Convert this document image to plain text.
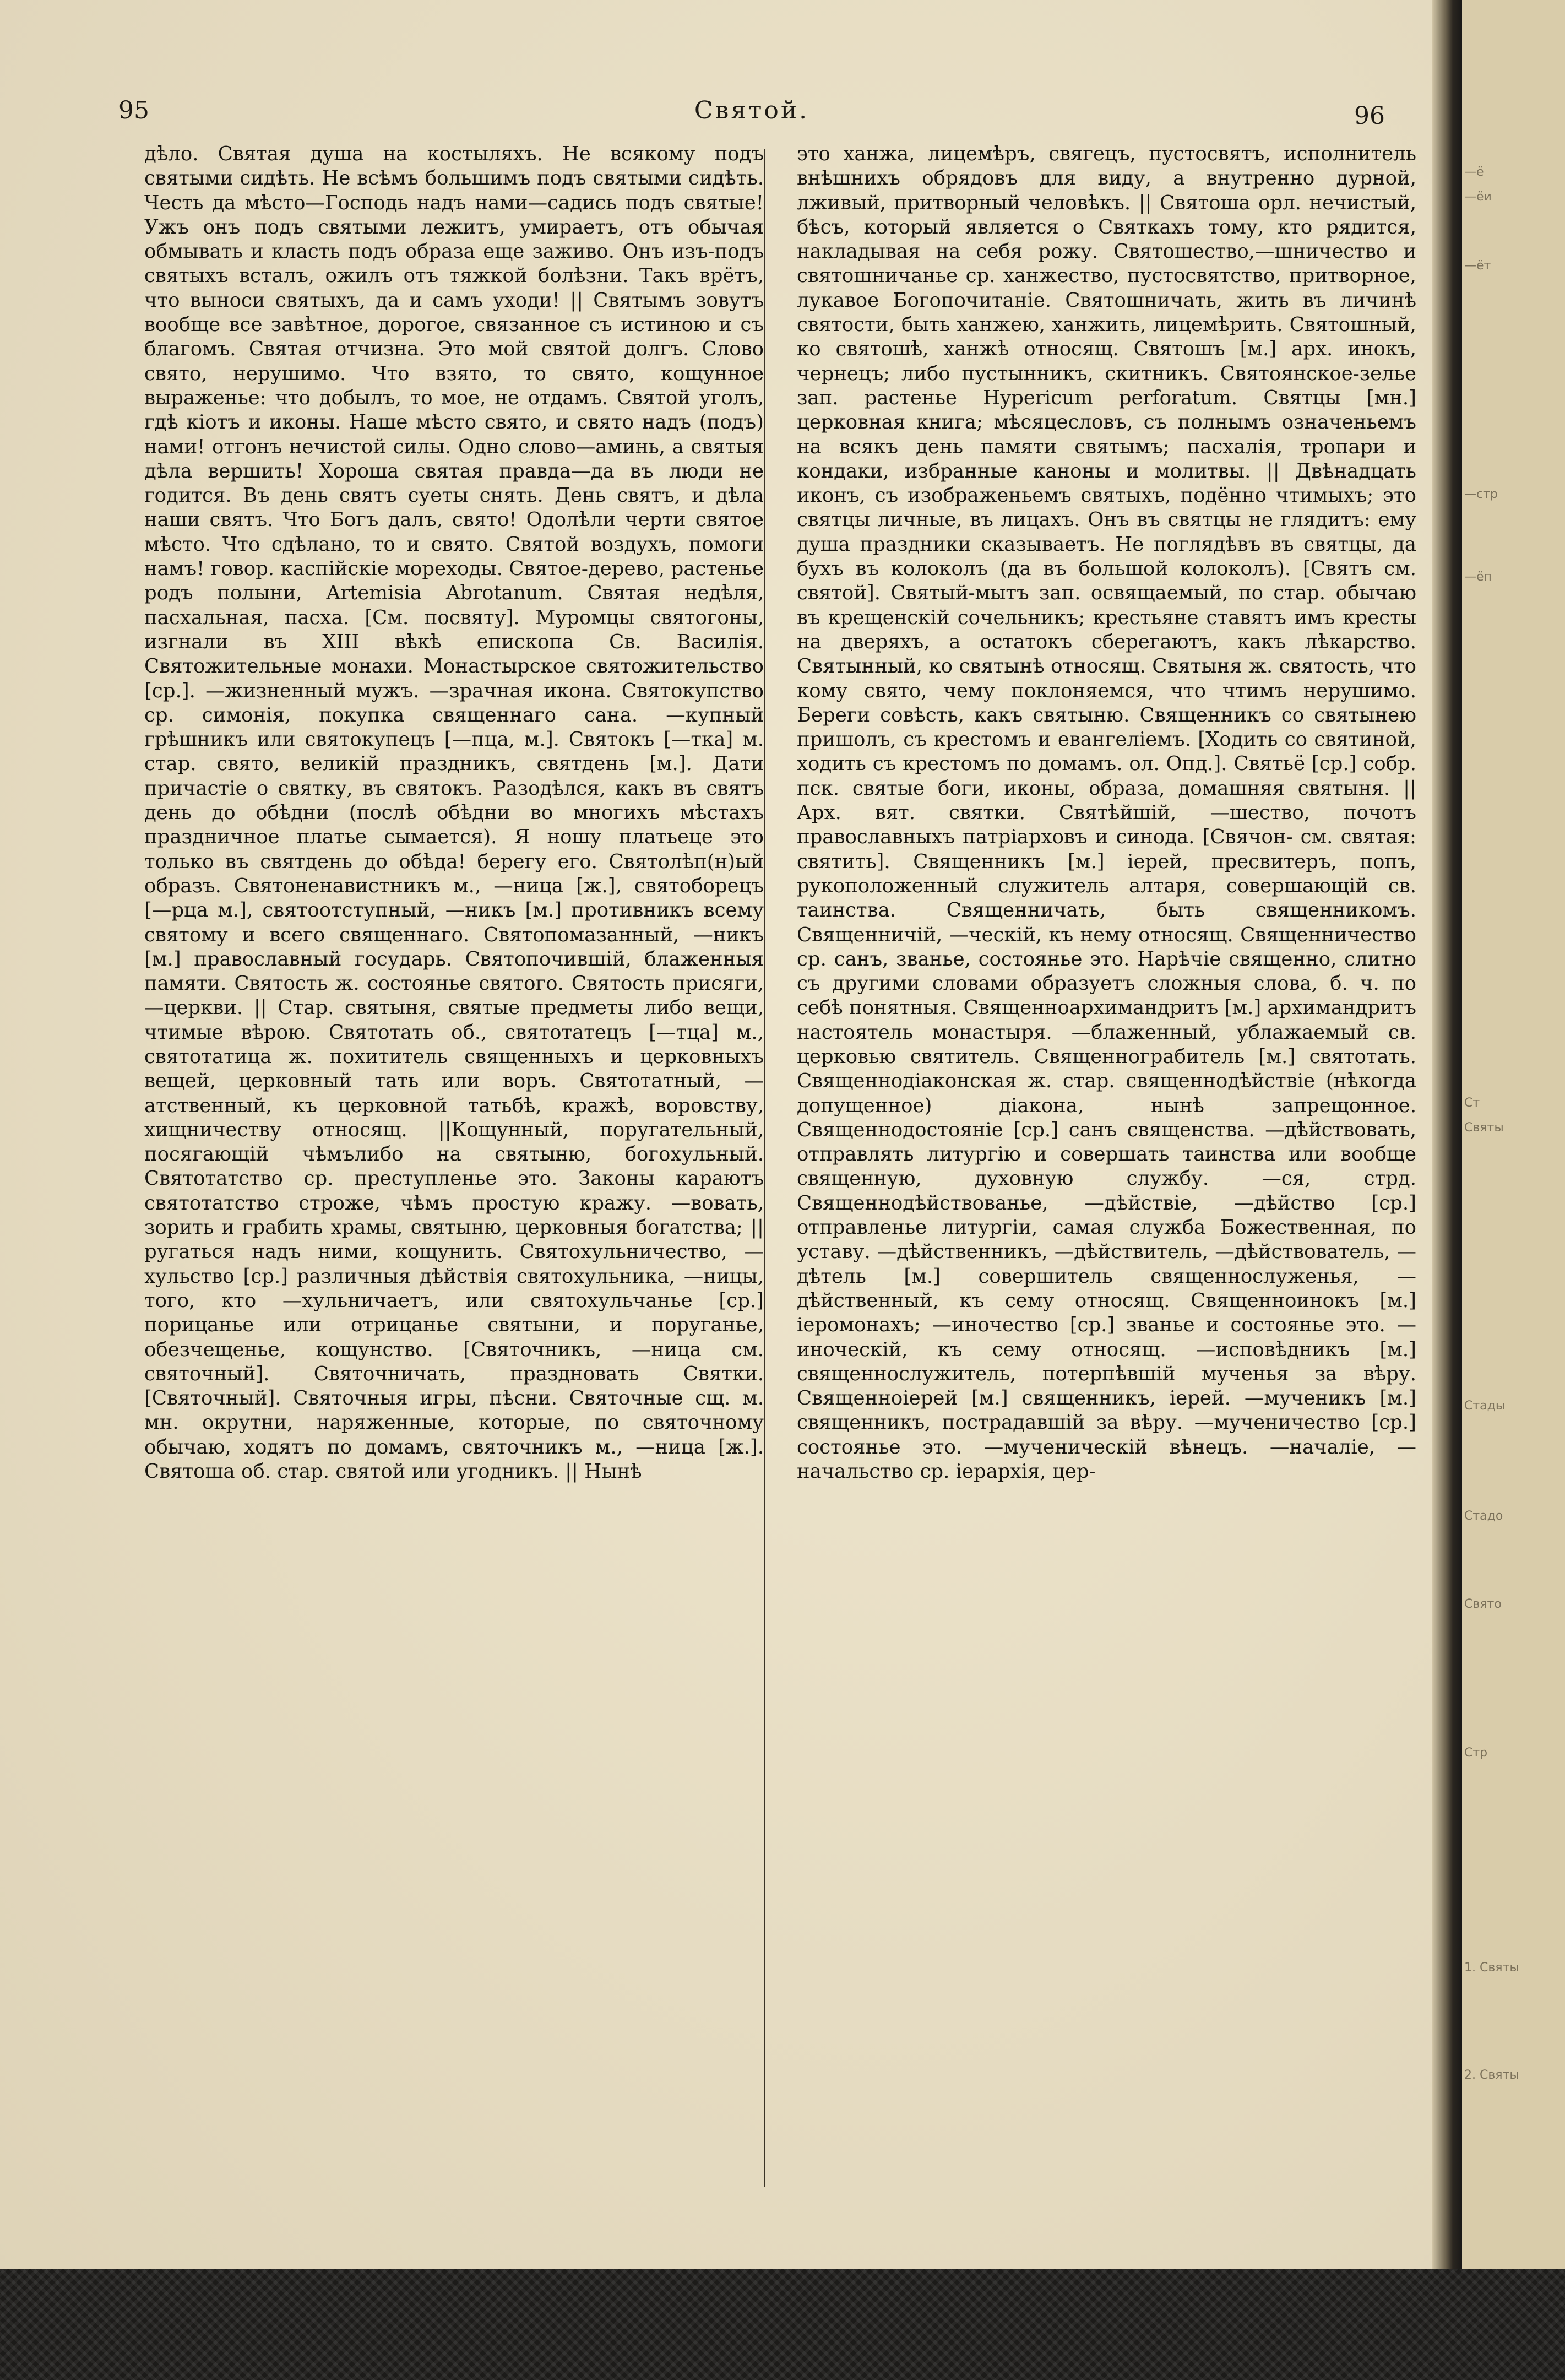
95	Святой.	96

дѣло. Святая душа на костыляхъ. Не всякому подъ святыми сидѣть. Не всѣмъ большимъ подъ святыми сидѣть. Честь да мѣсто—Господь надъ нами—садись подъ святые! Ужъ онъ подъ святыми лежитъ, умираетъ, отъ обычая обмывать и класть подъ образа еще заживо. Онъ изъ-подъ святыхъ всталъ, ожилъ отъ тяжкой болѣзни. Такъ врётъ, что выноси святыхъ, да и самъ уходи! || Святымъ зовутъ вообще все завѣтное, дорогое, связанное съ истиною и съ благомъ. Святая отчизна. Это мой святой долгъ. Слово свято, нерушимо. Что взято, то свято, кощунное выраженье: что добылъ, то мое, не отдамъ. Святой уголъ, гдѣ кіотъ и иконы. Наше мѣсто свято, и свято надъ (подъ) нами! отгонъ нечистой силы. Одно слово—аминь, а святыя дѣла вершить! Хороша святая правда—да въ люди не годится. Въ день святъ суеты снять. День святъ, и дѣла наши святъ. Что Богъ далъ, свято! Одолѣли черти святое мѣсто. Что сдѣлано, то и свято. Святой воздухъ, помоги намъ! говор. каспійскіе мореходы. Святое-дерево, растенье родъ полыни, Artemisia Abrotanum. Святая недѣля, пасхальная, пасха. [См. посвяту]. Муромцы святогоны, изгнали въ XIII вѣкѣ епископа Св. Василія. Святожительные монахи. Монастырское святожительство [ср.]. —жизненный мужъ. —зрачная икона. Святокупство ср. симонія, покупка священнаго сана. —купный грѣшникъ или святокупецъ [—пца, м.]. Святокъ [—тка] м. стар. свято, великій праздникъ, святдень [м.]. Дати причастіе о святку, въ святокъ. Разодѣлся, какъ въ святъ день до обѣдни (послѣ обѣдни во многихъ мѣстахъ праздничное платье сымается). Я ношу платьеце это только въ святдень до обѣда! берегу его. Святолѣп(н)ый образъ. Святоненавистникъ м., —ница [ж.], святоборецъ [—рца м.], святоотступный, —никъ [м.] противникъ всему святому и всего священнаго. Святопомазанный, —никъ [м.] православный государь. Святопочившій, блаженныя памяти. Святость ж. состоянье святого. Святость присяги, —церкви. || Стар. святыня, святые предметы либо вещи, чтимые вѣрою. Святотать об., святотатецъ [—тца] м., святотатица ж. похититель священныхъ и церковныхъ вещей, церковный тать или воръ. Святотатный, —атственный, къ церковной татьбѣ, кражѣ, воровству, хищничеству относящ. ||Кощунный, поругательный, посягающій чѣмълибо на святыню, богохульный. Святотатство ср. преступленье это. Законы караютъ святотатство строже, чѣмъ простую кражу. —вовать, зорить и грабить храмы, святыню, церковныя богатства; || ругаться надъ ними, кощунить. Святохульничество, —хульство [ср.] различныя дѣйствія святохульника, —ницы, того, кто —хульничаетъ, или святохульчанье [ср.] порицанье или отрицанье святыни, и поруганье, обезчещенье, кощунство. [Святочникъ, —ница см. святочный]. Святочничать, праздновать Святки. [Святочный]. Святочныя игры, пѣсни. Святочные сщ. м. мн. окрутни, наряженные, которые, по святочному обычаю, ходятъ по домамъ, святочникъ м., —ница [ж.]. Святоша об. стар. святой или угодникъ. || Нынѣ

это ханжа, лицемѣръ, свягецъ, пустосвятъ, исполнитель внѣшнихъ обрядовъ для виду, а внутренно дурной, лживый, притворный человѣкъ. || Святоша орл. нечистый, бѣсъ, который является о Святкахъ тому, кто рядится, накладывая на себя рожу. Святошество,—шничество и святошничанье ср. ханжество, пустосвятство, притворное, лукавое Богопочитаніе. Святошничать, жить въ личинѣ святости, быть ханжею, ханжить, лицемѣрить. Святошный, ко святошѣ, ханжѣ относящ. Святошъ [м.] арх. инокъ, чернецъ; либо пустынникъ, скитникъ. Святоянское-зелье зап. растенье Hypericum perforatum. Святцы [мн.] церковная книга; мѣсяцесловъ, съ полнымъ означеньемъ на всякъ день памяти святымъ; пасхалія, тропари и кондаки, избранные каноны и молитвы. || Двѣнадцать иконъ, съ изображеньемъ святыхъ, подённо чтимыхъ; это святцы личные, въ лицахъ. Онъ въ святцы не глядитъ: ему душа праздники сказываетъ. Не поглядѣвъ въ святцы, да бухъ въ колоколъ (да въ большой колоколъ). [Святъ см. святой]. Святый-мытъ зап. освящаемый, по стар. обычаю въ крещенскій сочельникъ; крестьяне ставятъ имъ кресты на дверяхъ, а остатокъ сберегаютъ, какъ лѣкарство. Святынный, ко святынѣ относящ. Святыня ж. святость, что кому свято, чему поклоняемся, что чтимъ нерушимо. Береги совѣсть, какъ святыню. Священникъ со святынею пришолъ, съ крестомъ и евангеліемъ. [Ходить со святиной, ходить съ крестомъ по домамъ. ол. Опд.]. Святьё [ср.] собр. пск. святые боги, иконы, образа, домашняя святыня. || Арх. вят. святки. Святѣйшій, —шество, почотъ православныхъ патріарховъ и синода. [Свячон- см. святая: святить]. Священникъ [м.] іерей, пресвитеръ, попъ, рукоположенный служитель алтаря, совершающій св. таинства. Священничать, быть священникомъ. Священничій, —ческій, къ нему относящ. Священничество ср. санъ, званье, состоянье это. Нарѣчіе священно, слитно съ другими словами образуетъ сложныя слова, б. ч. по себѣ понятныя. Священноархимандритъ [м.] архимандритъ настоятель монастыря. —блаженный, ублажаемый св. церковью святитель. Священнограбитель [м.] святотать. Священнодіаконская ж. стар. священнодѣйствіе (нѣкогда допущенное) діакона, нынѣ запрещонное. Священнодостояніе [ср.] санъ священства. —дѣйствовать, отправлять литургію и совершать таинства или вообще священную, духовную службу. —ся, стрд. Священнодѣйствованье, —дѣйствіе, —дѣйство [ср.] отправленье литургіи, самая служба Божественная, по уставу. —дѣйственникъ, —дѣйствитель, —дѣйствователь, —дѣтель [м.] совершитель священнослуженья, —дѣйственный, къ сему относящ. Священноинокъ [м.] іеромонахъ; —иночество [ср.] званье и состоянье это. —иноческій, къ сему относящ. —исповѣдникъ [м.] священнослужитель, потерпѣвшій мученья за вѣру. Священноіерей [м.] священникъ, іерей. —мученикъ [м.] священникъ, пострадавшій за вѣру. —мученичество [ср.] состоянье это. —мученическій вѣнецъ. —началіе, —начальство ср. іерархія, цер-

—ё
—ёи
—ёт
—стр
—ёп
Ст
Святы
Стады
Стадо
Свято
Стр
1. Святы
2. Святы
